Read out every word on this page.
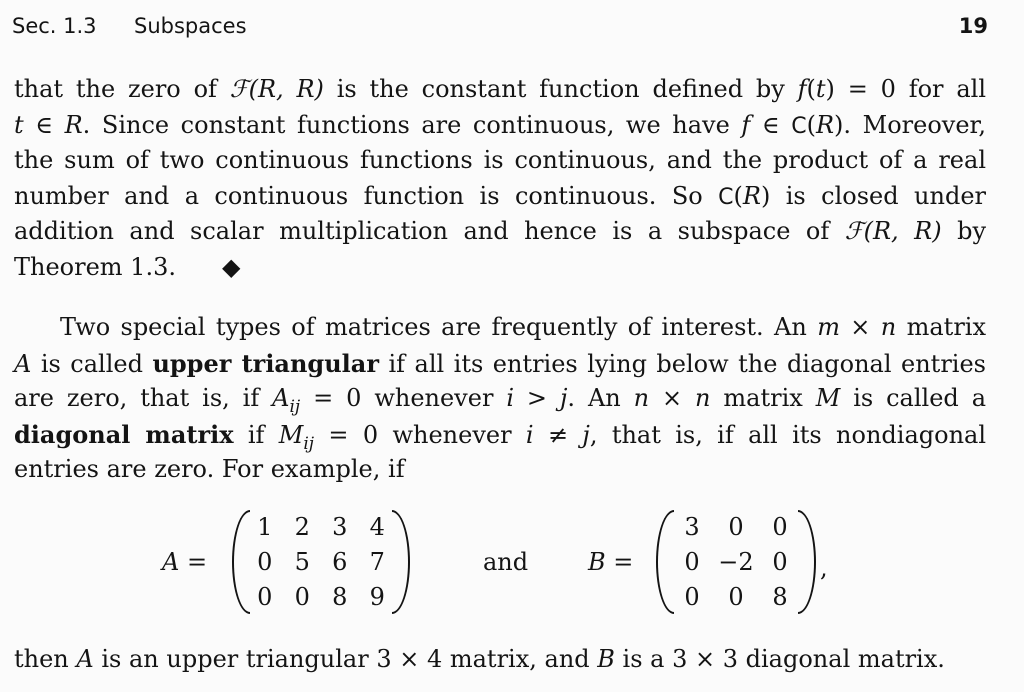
Sec. 1.3 Subspaces	19
that the zero of ℱ(R, R) is the constant function defined by f(t) = 0 for all
t ∈ R. Since constant functions are continuous, we have f ∈ C(R). Moreover,
the sum of two continuous functions is continuous, and the product of a real
number and a continuous function is continuous. So C(R) is closed under
addition and scalar multiplication and hence is a subspace of ℱ(R, R) by
Theorem 1.3. ◆
Two special types of matrices are frequently of interest. An m × n matrix
A is called upper triangular if all its entries lying below the diagonal entries
are zero, that is, if $A_{ij} = 0$ whenever i > j. An n × n matrix M is called a
diagonal matrix if $M_{ij} = 0$ whenever i ≠ j, that is, if all its nondiagonal
entries are zero. For example, if
A =
1 2 3 4
0 5 6 7
0 0 8 9
and B =
3	0	0
0 −2 0
0	0	8
,
then A is an upper triangular 3 × 4 matrix, and B is a 3 × 3 diagonal matrix.
